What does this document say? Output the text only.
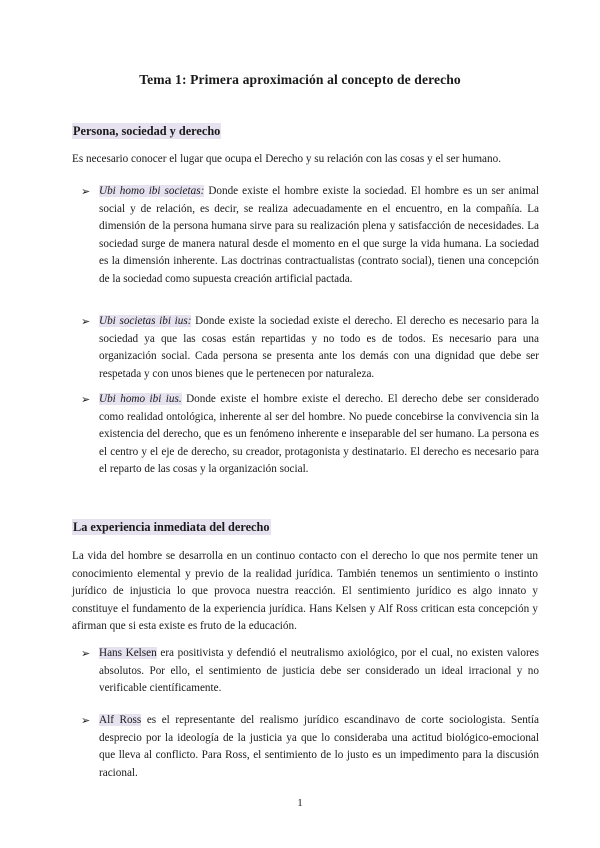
Tema 1: Primera aproximación al concepto de derecho
Persona, sociedad y derecho
Es necesario conocer el lugar que ocupa el Derecho y su relación con las cosas y el ser humano.
➢ Ubi homo ibi societas: Donde existe el hombre existe la sociedad. El hombre es un ser animal social y de relación, es decir, se realiza adecuadamente en el encuentro, en la compañía. La dimensión de la persona humana sirve para su realización plena y satisfacción de necesidades. La sociedad surge de manera natural desde el momento en el que surge la vida humana. La sociedad es la dimensión inherente. Las doctrinas contractualistas (contrato social), tienen una concepción de la sociedad como supuesta creación artificial pactada.
➢ Ubi societas ibi ius: Donde existe la sociedad existe el derecho. El derecho es necesario para la sociedad ya que las cosas están repartidas y no todo es de todos. Es necesario para una organización social. Cada persona se presenta ante los demás con una dignidad que debe ser respetada y con unos bienes que le pertenecen por naturaleza.
➢ Ubi homo ibi ius. Donde existe el hombre existe el derecho. El derecho debe ser considerado como realidad ontológica, inherente al ser del hombre. No puede concebirse la convivencia sin la existencia del derecho, que es un fenómeno inherente e inseparable del ser humano. La persona es el centro y el eje de derecho, su creador, protagonista y destinatario. El derecho es necesario para el reparto de las cosas y la organización social.
La experiencia inmediata del derecho
La vida del hombre se desarrolla en un continuo contacto con el derecho lo que nos permite tener un conocimiento elemental y previo de la realidad jurídica. También tenemos un sentimiento o instinto jurídico de injusticia lo que provoca nuestra reacción. El sentimiento jurídico es algo innato y constituye el fundamento de la experiencia jurídica. Hans Kelsen y Alf Ross critican esta concepción y afirman que si esta existe es fruto de la educación.
➢ Hans Kelsen era positivista y defendió el neutralismo axiológico, por el cual, no existen valores absolutos. Por ello, el sentimiento de justicia debe ser considerado un ideal irracional y no verificable científicamente.
➢ Alf Ross es el representante del realismo jurídico escandinavo de corte sociologista. Sentía desprecio por la ideología de la justicia ya que lo consideraba una actitud biológico-emocional que lleva al conflicto. Para Ross, el sentimiento de lo justo es un impedimento para la discusión racional.
1
